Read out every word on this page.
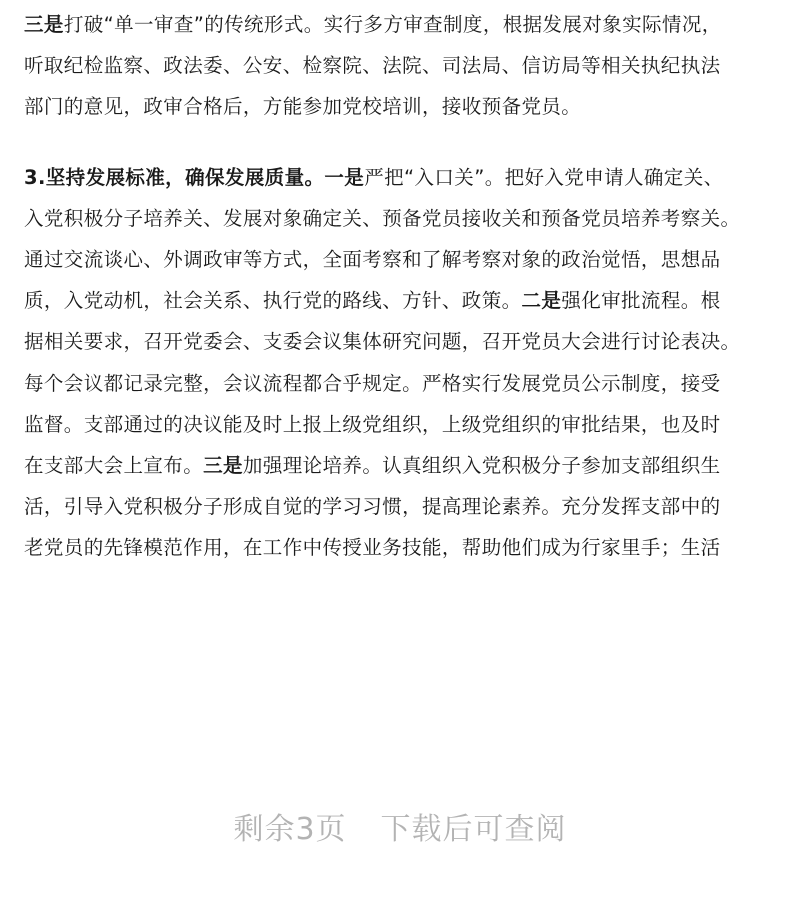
三是打破“单一审查”的传统形式。实行多方审查制度，根据发展对象实际情况，
听取纪检监察、政法委、公安、检察院、法院、司法局、信访局等相关执纪执法
部门的意见，政审合格后，方能参加党校培训，接收预备党员。

3.坚持发展标准，确保发展质量。一是严把“入口关”。把好入党申请人确定关、
入党积极分子培养关、发展对象确定关、预备党员接收关和预备党员培养考察关。
通过交流谈心、外调政审等方式，全面考察和了解考察对象的政治觉悟，思想品
质，入党动机，社会关系、执行党的路线、方针、政策。二是强化审批流程。根
据相关要求，召开党委会、支委会议集体研究问题，召开党员大会进行讨论表决。
每个会议都记录完整，会议流程都合乎规定。严格实行发展党员公示制度，接受
监督。支部通过的决议能及时上报上级党组织，上级党组织的审批结果，也及时
在支部大会上宣布。三是加强理论培养。认真组织入党积极分子参加支部组织生
活，引导入党积极分子形成自觉的学习习惯，提高理论素养。充分发挥支部中的
老党员的先锋模范作用，在工作中传授业务技能，帮助他们成为行家里手；生活

剩余3页 下载后可查阅
